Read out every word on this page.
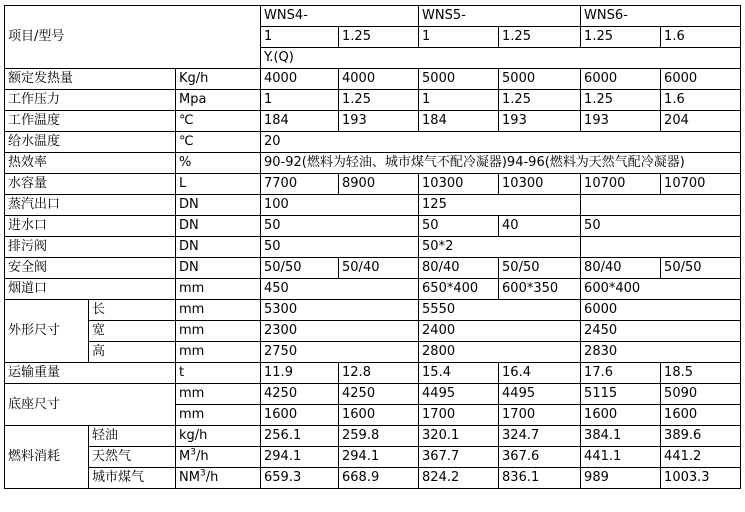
项目/型号			WNS4-		WNS5-		WNS6-	
			1	1.25	1	1.25	1.25	1.6
			Y.(Q)					
额定发热量		Kg/h	4000	4000	5000	5000	6000	6000
工作压力		Mpa	1	1.25	1	1.25	1.25	1.6
工作温度		℃	184	193	184	193	193	204
给水温度		℃	20					
热效率		%	90-92(燃料为轻油、城市煤气不配冷凝器)94-96(燃料为天然气配冷凝器)					
水容量		L	7700	8900	10300	10300	10700	10700
蒸汽出口		DN	100		125			
进水口		DN	50		50	40	50	
排污阀		DN	50		50*2			
安全阀		DN	50/50	50/40	80/40	50/50	80/40	50/50
烟道口		mm	450		650*400	600*350	600*400	
外形尺寸	长	mm	5300		5550		6000	
	宽	mm	2300		2400		2450	
	高	mm	2750		2800		2830	
运输重量		t	11.9	12.8	15.4	16.4	17.6	18.5
底座尺寸		mm	4250	4250	4495	4495	5115	5090
		mm	1600	1600	1700	1700	1600	1600
燃料消耗	轻油	kg/h	256.1	259.8	320.1	324.7	384.1	389.6
	天然气	$M^3/h$	294.1	294.1	367.7	367.6	441.1	441.2
	城市煤气	$NM^3/h$	659.3	668.9	824.2	836.1	989	1003.3
